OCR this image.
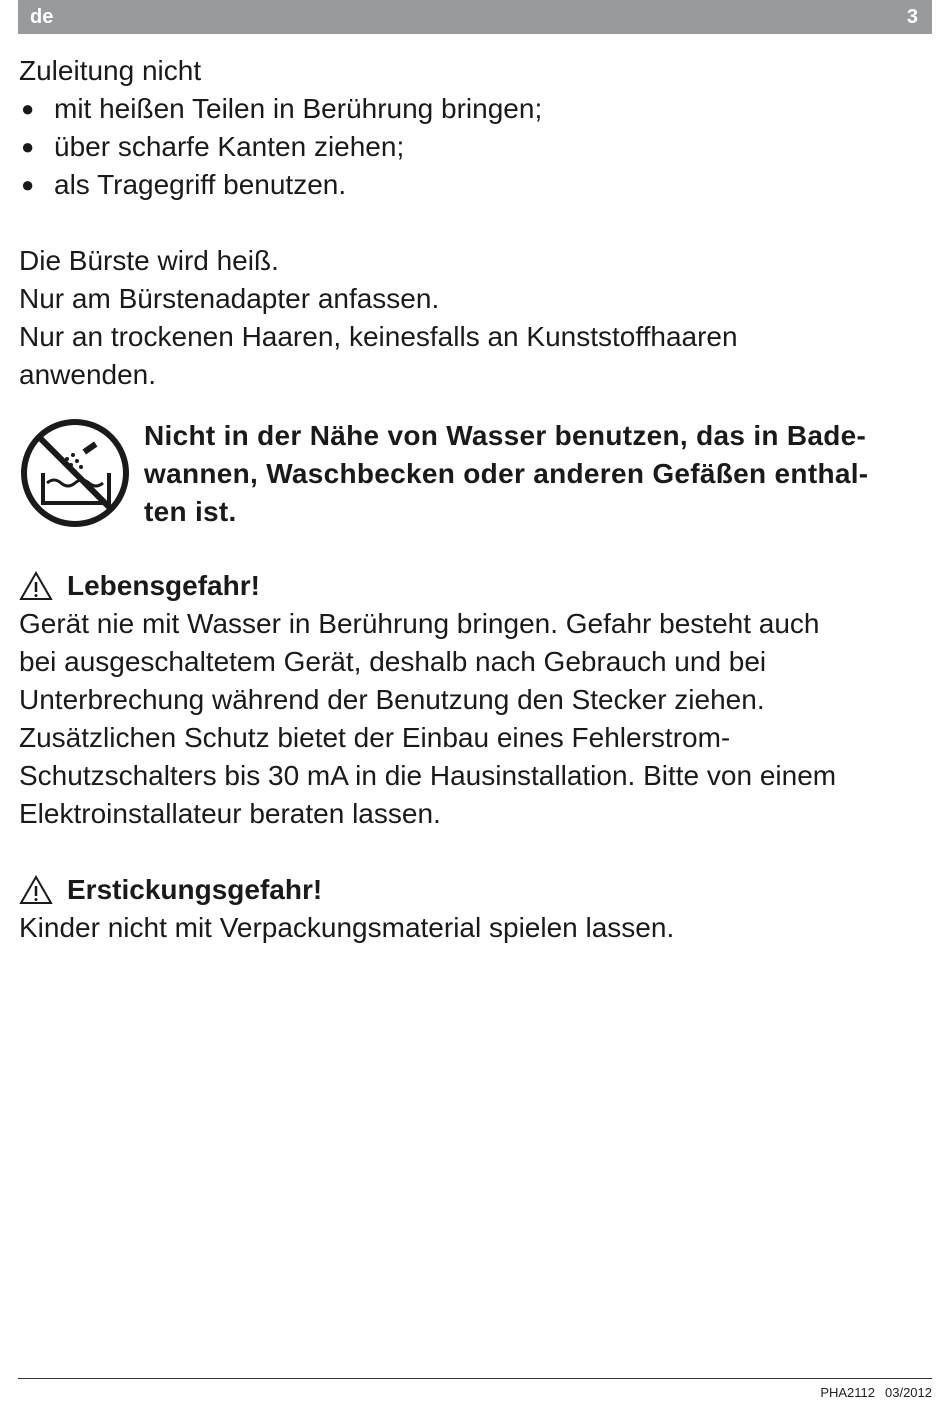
de	3

Zuleitung nicht

● mit heißen Teilen in Berührung bringen;
● über scharfe Kanten ziehen;
● als Tragegriff benutzen.

Die Bürste wird heiß.

Nur am Bürstenadapter anfassen.

Nur an trockenen Haaren, keinesfalls an Kunststoffhaaren

anwenden.

Nicht in der Nähe von Wasser benutzen, das in Bade-
wannen, Waschbecken oder anderen Gefäßen enthal-
ten ist.
Lebensgefahr!

Gerät nie mit Wasser in Berührung bringen. Gefahr besteht auch

bei ausgeschaltetem Gerät, deshalb nach Gebrauch und bei

Unterbrechung während der Benutzung den Stecker ziehen.

Zusätzlichen Schutz bietet der Einbau eines Fehlerstrom-

Schutzschalters bis 30 mA in die Hausinstallation. Bitte von einem

Elektroinstallateur beraten lassen.

Erstickungsgefahr!

Kinder nicht mit Verpackungsmaterial spielen lassen.

PHA2112 03/2012
